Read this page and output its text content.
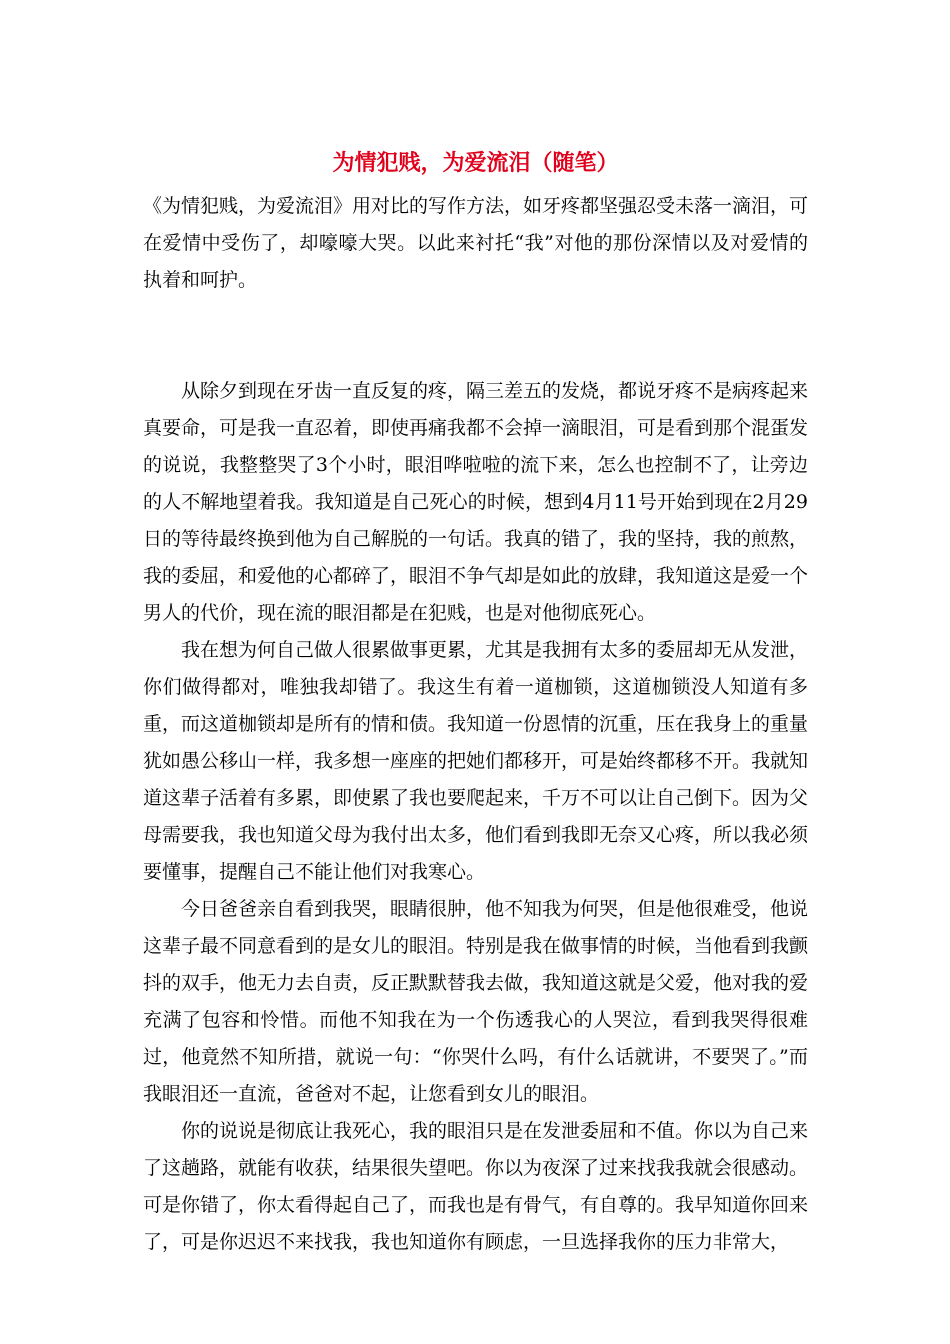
为情犯贱，为爱流泪（随笔）

《为情犯贱，为爱流泪》用对比的写作方法，如牙疼都坚强忍受未落一滴泪，可在爱情中受伤了，却嚎嚎大哭。以此来衬托“我”对他的那份深情以及对爱情的执着和呵护。

从除夕到现在牙齿一直反复的疼，隔三差五的发烧，都说牙疼不是病疼起来真要命，可是我一直忍着，即使再痛我都不会掉一滴眼泪，可是看到那个混蛋发的说说，我整整哭了3个小时，眼泪哗啦啦的流下来，怎么也控制不了，让旁边的人不解地望着我。我知道是自己死心的时候，想到4月11号开始到现在2月29日的等待最终换到他为自己解脱的一句话。我真的错了，我的坚持，我的煎熬，我的委屈，和爱他的心都碎了，眼泪不争气却是如此的放肆，我知道这是爱一个男人的代价，现在流的眼泪都是在犯贱，也是对他彻底死心。

我在想为何自己做人很累做事更累，尤其是我拥有太多的委屈却无从发泄，你们做得都对，唯独我却错了。我这生有着一道枷锁，这道枷锁没人知道有多重，而这道枷锁却是所有的情和债。我知道一份恩情的沉重，压在我身上的重量犹如愚公移山一样，我多想一座座的把她们都移开，可是始终都移不开。我就知道这辈子活着有多累，即使累了我也要爬起来，千万不可以让自己倒下。因为父母需要我，我也知道父母为我付出太多，他们看到我即无奈又心疼，所以我必须要懂事，提醒自己不能让他们对我寒心。

今日爸爸亲自看到我哭，眼睛很肿，他不知我为何哭，但是他很难受，他说这辈子最不同意看到的是女儿的眼泪。特别是我在做事情的时候，当他看到我颤抖的双手，他无力去自责，反正默默替我去做，我知道这就是父爱，他对我的爱充满了包容和怜惜。而他不知我在为一个伤透我心的人哭泣，看到我哭得很难过，他竟然不知所措，就说一句：“你哭什么吗，有什么话就讲，不要哭了。”而我眼泪还一直流，爸爸对不起，让您看到女儿的眼泪。

你的说说是彻底让我死心，我的眼泪只是在发泄委屈和不值。你以为自己来了这趟路，就能有收获，结果很失望吧。你以为夜深了过来找我我就会很感动。可是你错了，你太看得起自己了，而我也是有骨气，有自尊的。我早知道你回来了，可是你迟迟不来找我，我也知道你有顾虑，一旦选择我你的压力非常大，
